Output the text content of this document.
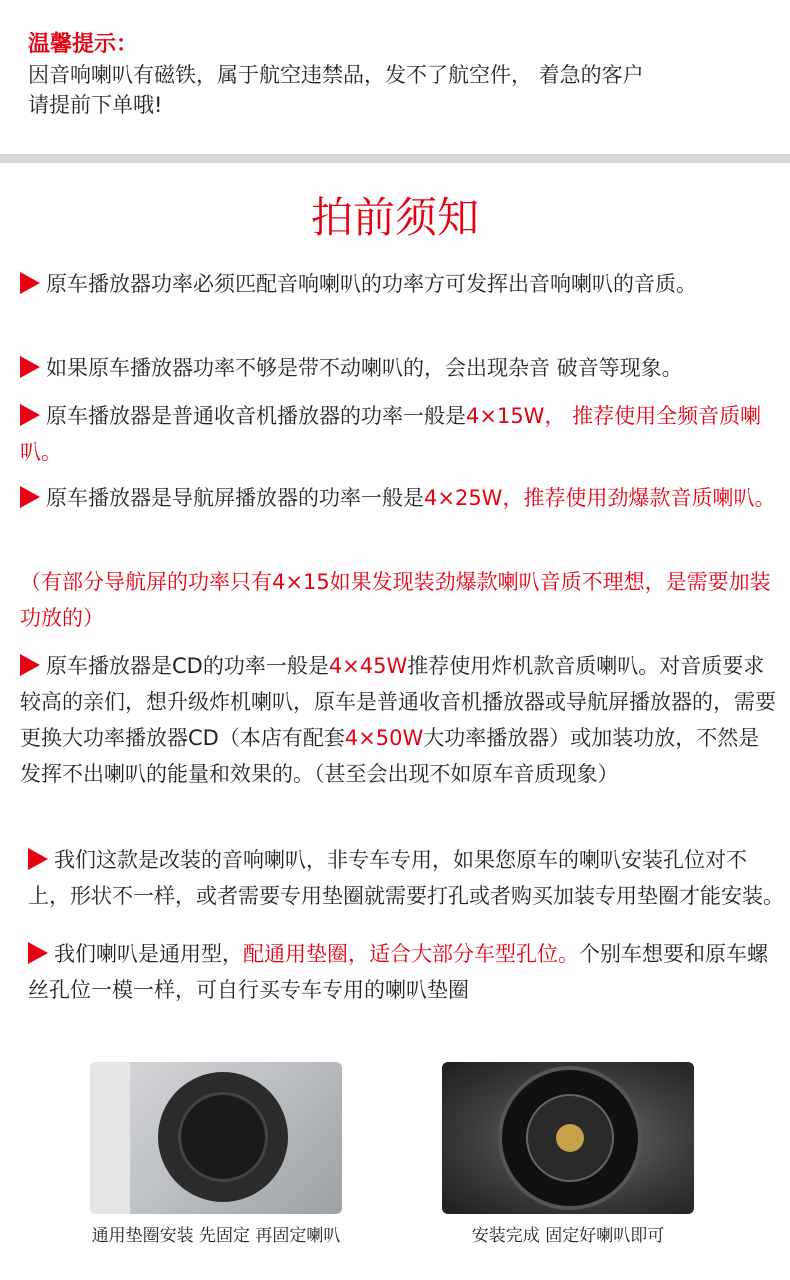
温馨提示：
因音响喇叭有磁铁，属于航空违禁品，发不了航空件， 着急的客户
请提前下单哦!
拍前须知
原车播放器功率必须匹配音响喇叭的功率方可发挥出音响喇叭的音质。
如果原车播放器功率不够是带不动喇叭的，会出现杂音 破音等现象。
原车播放器是普通收音机播放器的功率一般是4×15W， 推荐使用全频音质喇叭。
原车播放器是导航屏播放器的功率一般是4×25W，推荐使用劲爆款音质喇叭。
（有部分导航屏的功率只有4×15如果发现装劲爆款喇叭音质不理想，是需要加装功放的）
原车播放器是CD的功率一般是4×45W推荐使用炸机款音质喇叭。对音质要求较高的亲们，想升级炸机喇叭，原车是普通收音机播放器或导航屏播放器的，需要更换大功率播放器CD（本店有配套4×50W大功率播放器）或加装功放，不然是发挥不出喇叭的能量和效果的。（甚至会出现不如原车音质现象）
我们这款是改装的音响喇叭，非专车专用，如果您原车的喇叭安装孔位对不上，形状不一样，或者需要专用垫圈就需要打孔或者购买加装专用垫圈才能安装。
我们喇叭是通用型，配通用垫圈，适合大部分车型孔位。个别车想要和原车螺丝孔位一模一样，可自行买专车专用的喇叭垫圈
通用垫圈安装 先固定 再固定喇叭	安装完成 固定好喇叭即可
